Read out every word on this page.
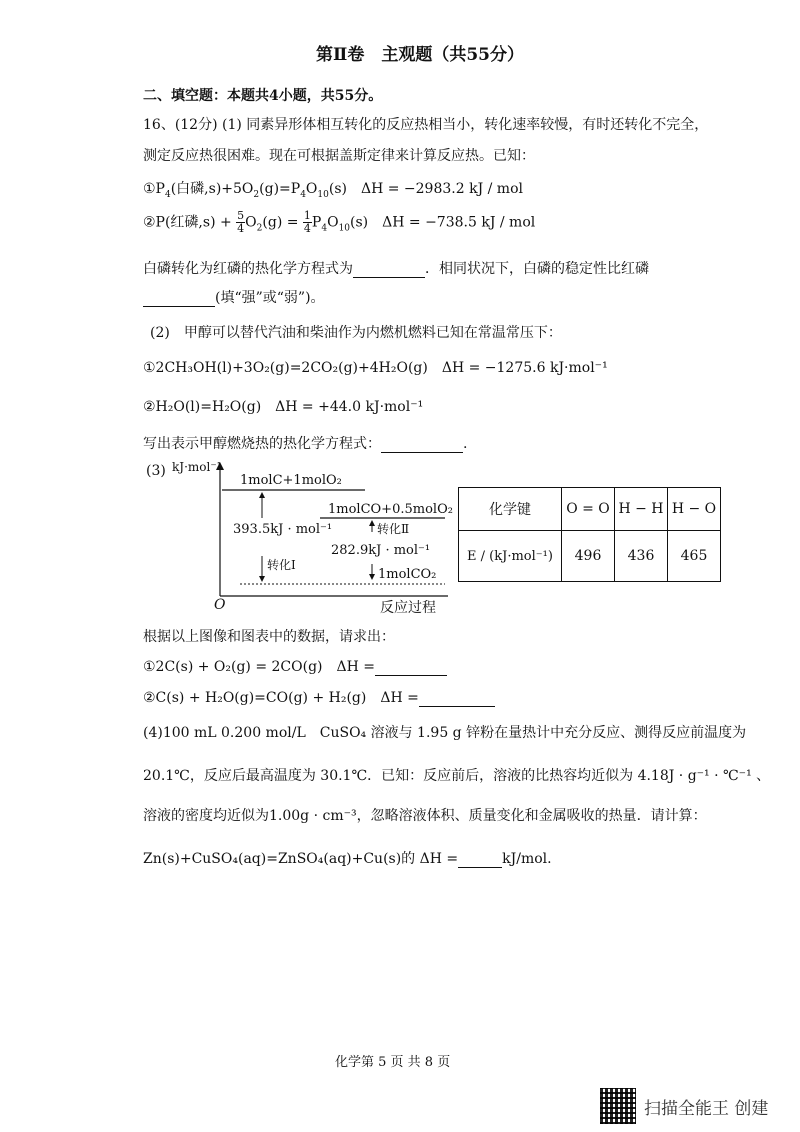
第Ⅱ卷　主观题（共55分）
二、填空题：本题共4小题，共55分。
16、(12分) (1) 同素异形体相互转化的反应热相当小，转化速率较慢，有时还转化不完全，
测定反应热很困难。现在可根据盖斯定律来计算反应热。已知：
$①P_4$(白磷$,s)+5O_2(g)=P_4O_{10}(s)$　ΔH = −2983.2 kJ / mol
②P(红磷$,s) + \frac{5}{4} O_2(g) = \frac{1}{4} P_4O_{10}(s)$　ΔH = −738.5 kJ / mol
白磷转化为红磷的热化学方程式为	．相同状况下，白磷的稳定性比红磷
(填“强”或“弱”)。
(2)　甲醇可以替代汽油和柴油作为内燃机燃料已知在常温常压下：
①2CH₃OH(l)+3O₂(g)=2CO₂(g)+4H₂O(g)　ΔH = −1275.6 kJ·mol⁻¹
②H₂O(l)=H₂O(g)　ΔH = +44.0 kJ·mol⁻¹
写出表示甲醇燃烧热的热化学方程式：	.
(3) kJ·mol⁻¹
1molC+1molO₂
1molCO+0.5molO₂
393.5kJ · mol⁻¹	转化Ⅱ
282.9kJ · mol⁻¹
转化Ⅰ
1molCO₂
O	反应过程
化学键	O = O	H − H	H − O
E / (kJ·mol⁻¹)	496	436	465
根据以上图像和图表中的数据，请求出：
①2C(s) + O₂(g) = 2CO(g)　ΔH =
②C(s) + H₂O(g)=CO(g) + H₂(g)　ΔH =
(4)100 mL 0.200 mol/L　CuSO₄ 溶液与 1.95 g 锌粉在量热计中充分反应、测得反应前温度为
20.1℃，反应后最高温度为 30.1℃．已知：反应前后，溶液的比热容均近似为 4.18J · g⁻¹ · ℃⁻¹ 、
溶液的密度均近似为1.00g · cm⁻³，忽略溶液体积、质量变化和金属吸收的热量．请计算：
Zn(s)+CuSO₄(aq)=ZnSO₄(aq)+Cu(s)的 ΔH =	kJ/mol.
化学第 5 页 共 8 页
扫描全能王 创建
